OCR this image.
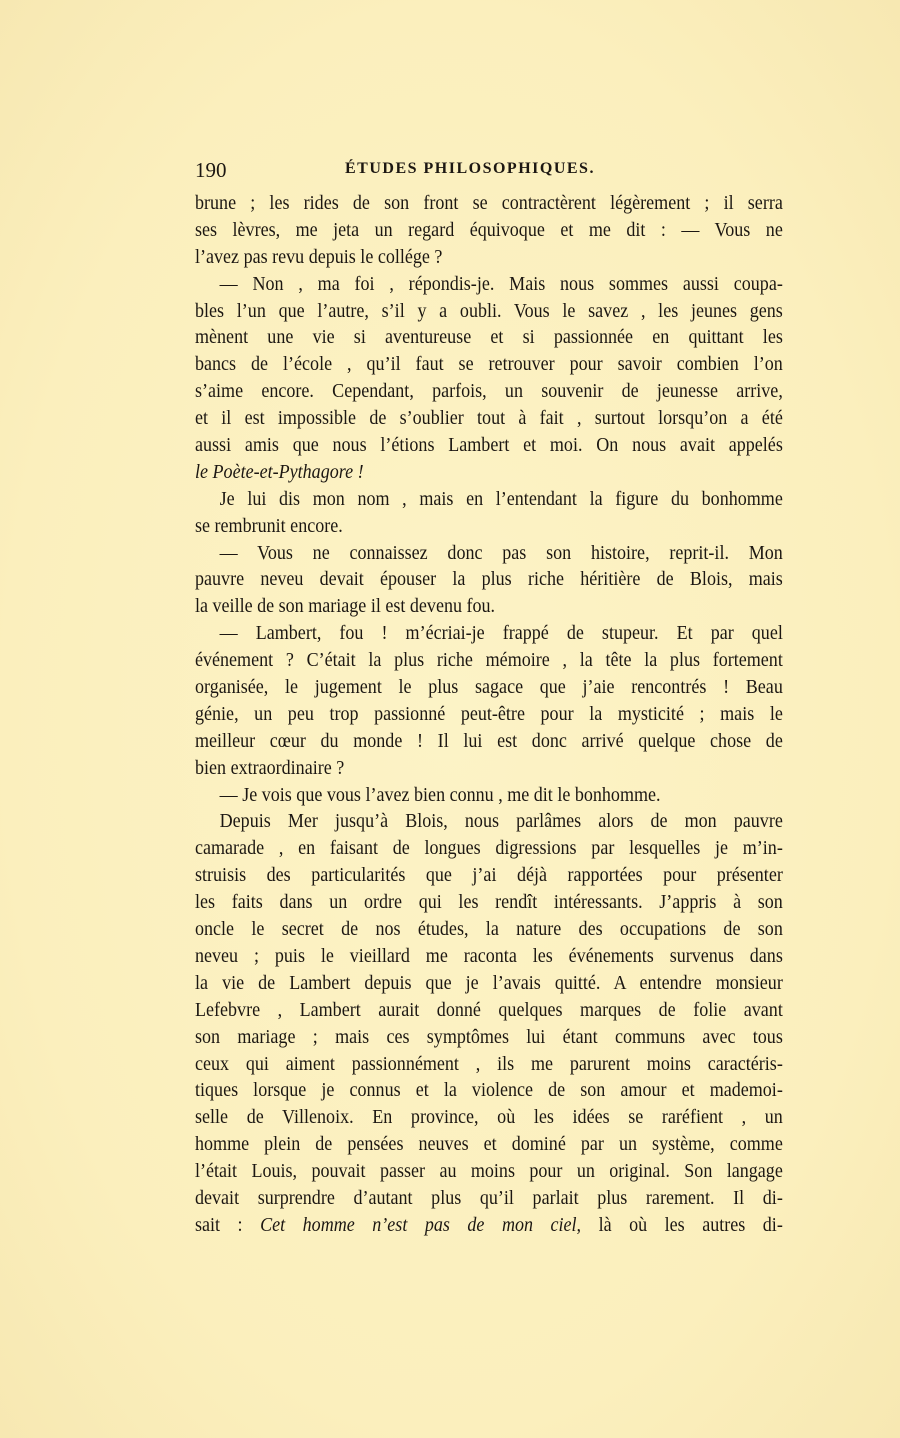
190	ÉTUDES PHILOSOPHIQUES.
brune ; les rides de son front se contractèrent légèrement ; il serra
ses lèvres, me jeta un regard équivoque et me dit : — Vous ne
l’avez pas revu depuis le collége ?
— Non , ma foi , répondis-je. Mais nous sommes aussi coupa-
bles l’un que l’autre, s’il y a oubli. Vous le savez , les jeunes gens
mènent une vie si aventureuse et si passionnée en quittant les
bancs de l’école , qu’il faut se retrouver pour savoir combien l’on
s’aime encore. Cependant, parfois, un souvenir de jeunesse arrive,
et il est impossible de s’oublier tout à fait , surtout lorsqu’on a été
aussi amis que nous l’étions Lambert et moi. On nous avait appelés
le Poète-et-Pythagore !
Je lui dis mon nom , mais en l’entendant la figure du bonhomme
se rembrunit encore.
— Vous ne connaissez donc pas son histoire, reprit-il. Mon
pauvre neveu devait épouser la plus riche héritière de Blois, mais
la veille de son mariage il est devenu fou.
— Lambert, fou ! m’écriai-je frappé de stupeur. Et par quel
événement ? C’était la plus riche mémoire , la tête la plus fortement
organisée, le jugement le plus sagace que j’aie rencontrés ! Beau
génie, un peu trop passionné peut-être pour la mysticité ; mais le
meilleur cœur du monde ! Il lui est donc arrivé quelque chose de
bien extraordinaire ?
— Je vois que vous l’avez bien connu , me dit le bonhomme.
Depuis Mer jusqu’à Blois, nous parlâmes alors de mon pauvre
camarade , en faisant de longues digressions par lesquelles je m’in-
struisis des particularités que j’ai déjà rapportées pour présenter
les faits dans un ordre qui les rendît intéressants. J’appris à son
oncle le secret de nos études, la nature des occupations de son
neveu ; puis le vieillard me raconta les événements survenus dans
la vie de Lambert depuis que je l’avais quitté. A entendre monsieur
Lefebvre , Lambert aurait donné quelques marques de folie avant
son mariage ; mais ces symptômes lui étant communs avec tous
ceux qui aiment passionnément , ils me parurent moins caractéris-
tiques lorsque je connus et la violence de son amour et mademoi-
selle de Villenoix. En province, où les idées se raréfient , un
homme plein de pensées neuves et dominé par un système, comme
l’était Louis, pouvait passer au moins pour un original. Son langage
devait surprendre d’autant plus qu’il parlait plus rarement. Il di-
sait : Cet homme n’est pas de mon ciel, là où les autres di-
